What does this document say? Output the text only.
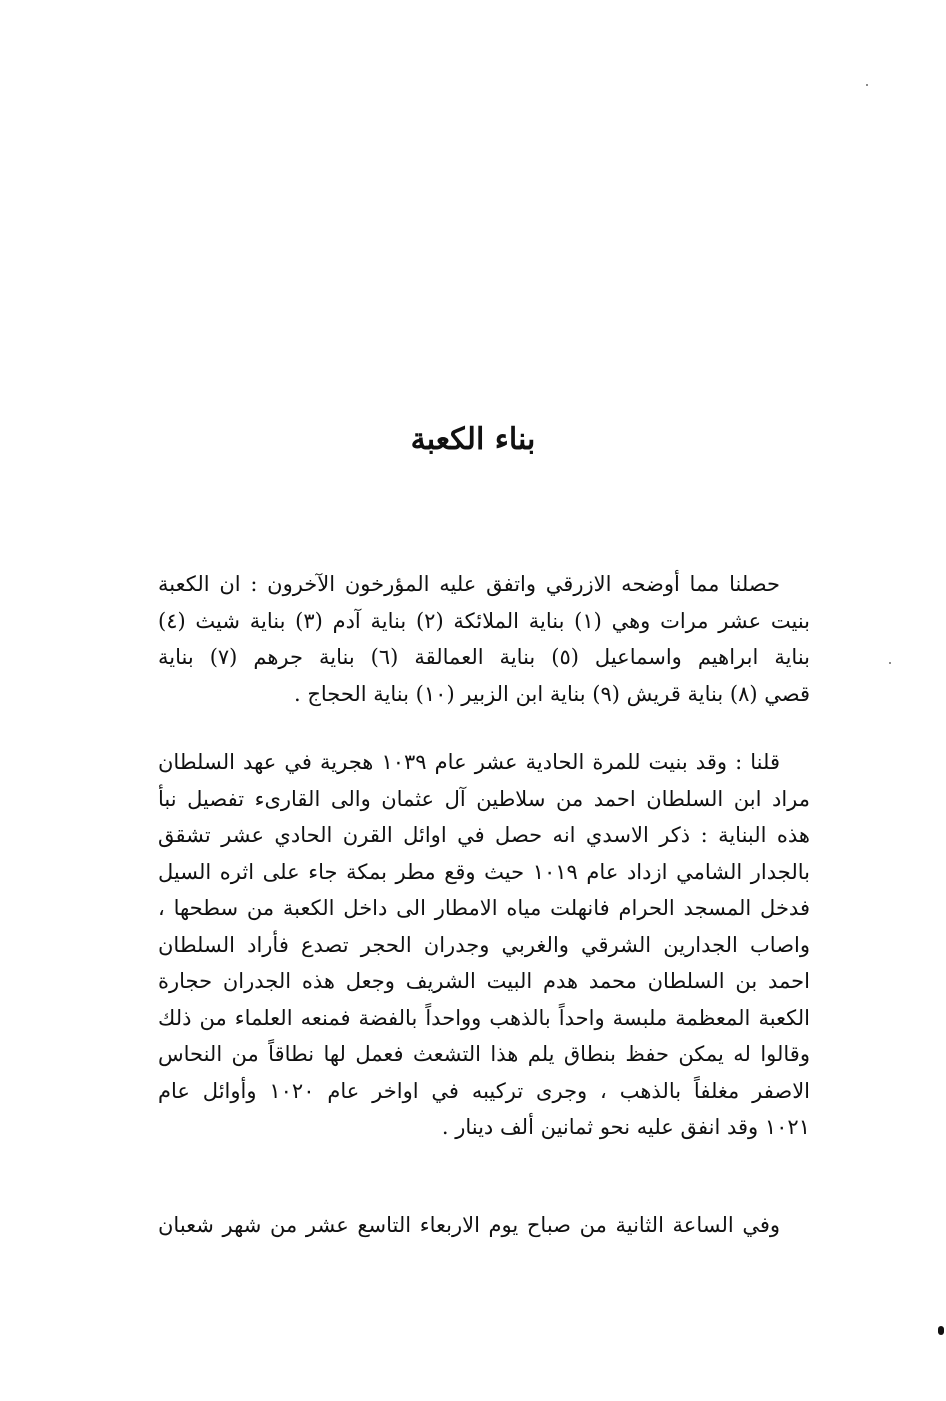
بناء الكعبة

حصلنا مما أوضحه الازرقي واتفق عليه المؤرخون الآخرون : ان الكعبة
بنيت عشر مرات وهي (١) بناية الملائكة (٢) بناية آدم (٣) بناية شيث (٤)
بناية ابراهيم واسماعيل (٥) بناية العمالقة (٦) بناية جرهم (٧) بناية
قصي (٨) بناية قريش (٩) بناية ابن الزبير (١٠) بناية الحجاج .

قلنا : وقد بنيت للمرة الحادية عشر عام ١٠٣٩ هجرية في عهد السلطان
مراد ابن السلطان احمد من سلاطين آل عثمان والى القارىء تفصيل نبأ
هذه البناية : ذكر الاسدي انه حصل في اوائل القرن الحادي عشر تشقق
بالجدار الشامي ازداد عام ١٠١٩ حيث وقع مطر بمكة جاء على اثره السيل
فدخل المسجد الحرام فانهلت مياه الامطار الى داخل الكعبة من سطحها ،
واصاب الجدارين الشرقي والغربي وجدران الحجر تصدع فأراد السلطان
احمد بن السلطان محمد هدم البيت الشريف وجعل هذه الجدران حجارة
الكعبة المعظمة ملبسة واحداً بالذهب وواحداً بالفضة فمنعه العلماء من ذلك
وقالوا له يمكن حفظ بنطاق يلم هذا التشعث فعمل لها نطاقاً من النحاس
الاصفر مغلفاً بالذهب ، وجرى تركيبه في اواخر عام ١٠٢٠ وأوائل عام
١٠٢١ وقد انفق عليه نحو ثمانين ألف دينار .

وفي الساعة الثانية من صباح يوم الاربعاء التاسع عشر من شهر شعبان
